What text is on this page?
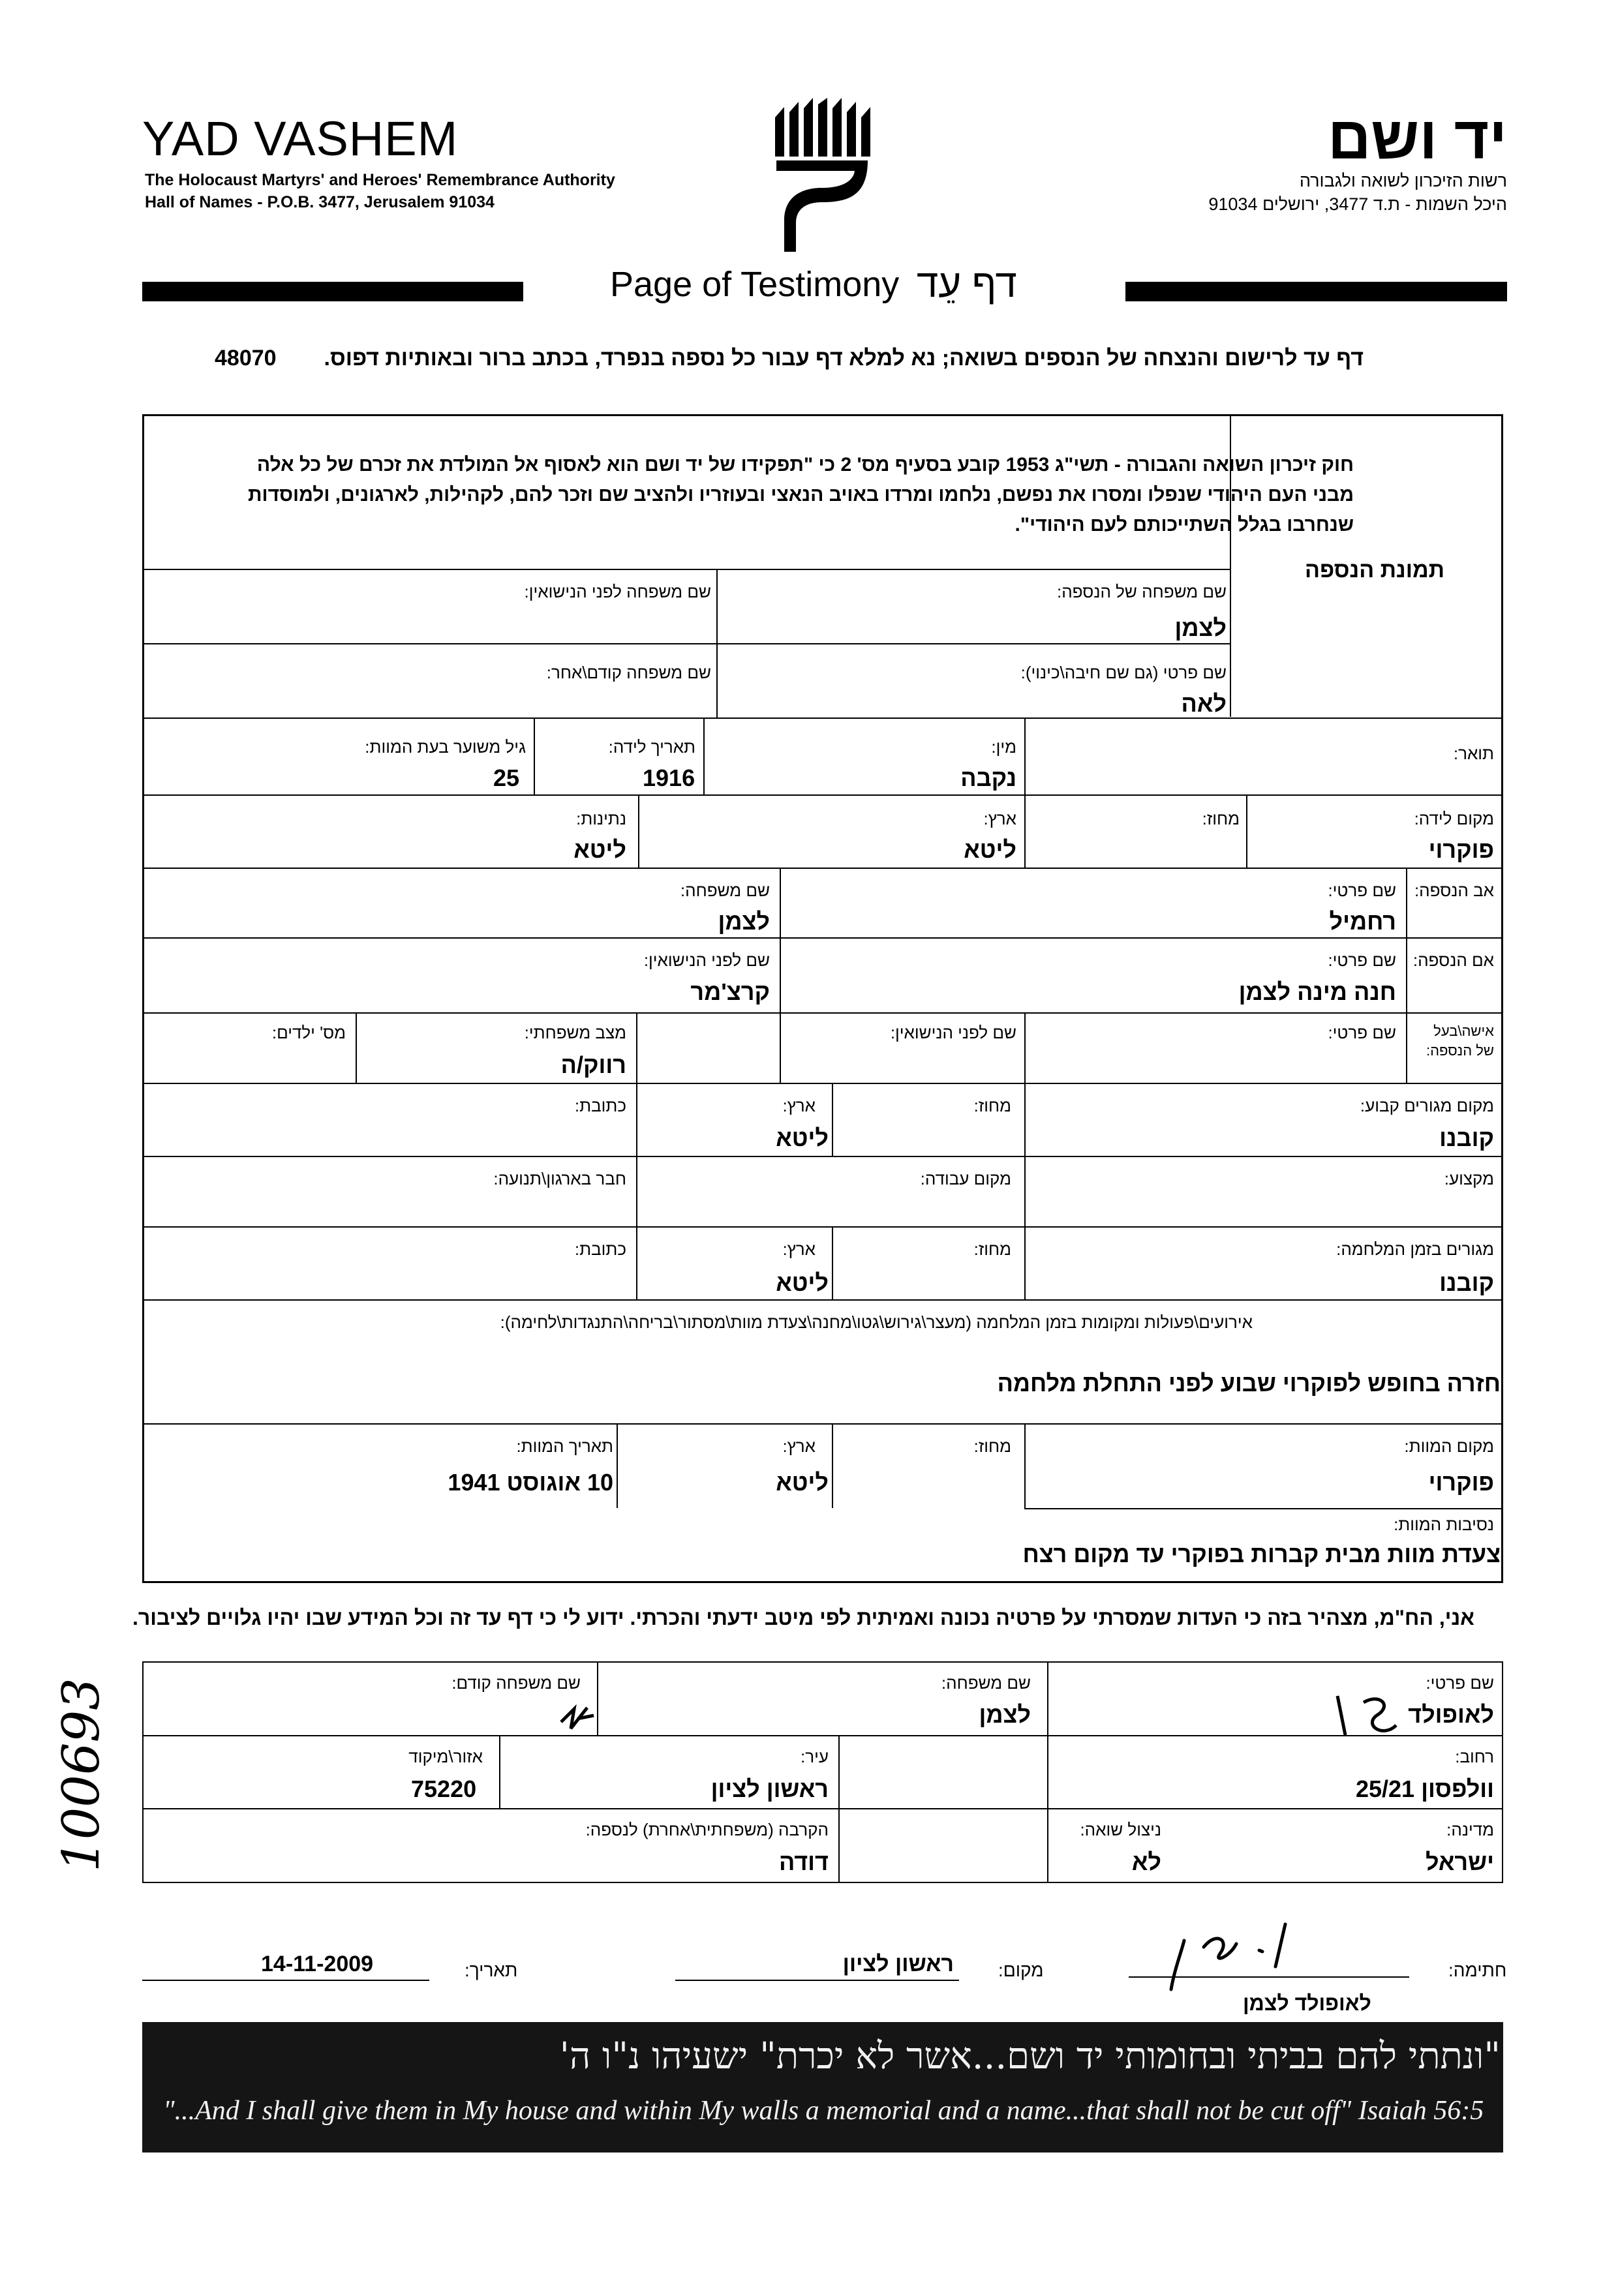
YAD VASHEM
The Holocaust Martyrs' and Heroes' Remembrance Authority
Hall of Names - P.O.B. 3477, Jerusalem 91034
יד ושם
רשות הזיכרון לשואה ולגבורה
היכל השמות - ת.ד 3477, ירושלים 91034
Page of Testimony דף עֵד
דף עד לרישום והנצחה של הנספים בשואה; נא למלא דף עבור כל נספה בנפרד, בכתב ברור ובאותיות דפוס.
48070
חוק זיכרון השואה והגבורה - תשי"ג 1953 קובע בסעיף מס' 2 כי "תפקידו של יד ושם הוא לאסוף אל המולדת את זכרם של כל אלה מבני העם היהודי שנפלו ומסרו את נפשם, נלחמו ומרדו באויב הנאצי ובעוזריו ולהציב שם וזכר להם, לקהילות, לארגונים, ולמוסדות שנחרבו בגלל השתייכותם לעם היהודי".
תמונת הנספה
שם משפחה של הנספה:
לצמן
שם משפחה לפני הנישואין:
שם פרטי (גם שם חיבה\כינוי):
לאה
שם משפחה קודם\אחר:
תואר:
מין:
נקבה
תאריך לידה:
1916
גיל משוער בעת המוות:
25
מקום לידה:
פוקרוי
מחוז:
ארץ:
ליטא
נתינות:
ליטא
אב הנספה:
שם פרטי:
רחמיל
שם משפחה:
לצמן
אם הנספה:
שם פרטי:
חנה מינה לצמן
שם לפני הנישואין:
קרצ'מר
אישה\בעל
של הנספה:
שם פרטי:
שם לפני הנישואין:
מצב משפחתי:
רווק/ה
מס' ילדים:
מקום מגורים קבוע:
קובנו
מחוז:
ארץ:
ליטא
כתובת:
מקצוע:
מקום עבודה:
חבר בארגון\תנועה:
מגורים בזמן המלחמה:
קובנו
מחוז:
ארץ:
ליטא
כתובת:
אירועים\פעולות ומקומות בזמן המלחמה (מעצר\גירוש\גטו\מחנה\צעדת מוות\מסתור\בריחה\התנגדות\לחימה):
חזרה בחופש לפוקרוי שבוע לפני התחלת מלחמה
מקום המוות:
פוקרוי
מחוז:
ארץ:
ליטא
תאריך המוות:
10 אוגוסט 1941
נסיבות המוות:
צעדת מוות מבית קברות בפוקרי עד מקום רצח
אני, הח"מ, מצהיר בזה כי העדות שמסרתי על פרטיה נכונה ואמיתית לפי מיטב ידעתי והכרתי. ידוע לי כי דף עד זה וכל המידע שבו יהיו גלויים לציבור.
שם פרטי:
לאופולד
שם משפחה:
לצמן
שם משפחה קודם:
רחוב:
וולפסון 25/21
עיר:
ראשון לציון
אזור\מיקוד
75220
מדינה:
ישראל
ניצול שואה:
לא
הקרבה (משפחתית\אחרת) לנספה:
דודה
חתימה:
לאופולד לצמן
מקום:
ראשון לציון
תאריך:
14-11-2009
100693
"ונתתי להם בביתי ובחומותי יד ושם...אשר לא יכרת" ישעיהו נ"ו ה'
"...And I shall give them in My house and within My walls a memorial and a name...that shall not be cut off" Isaiah 56:5
